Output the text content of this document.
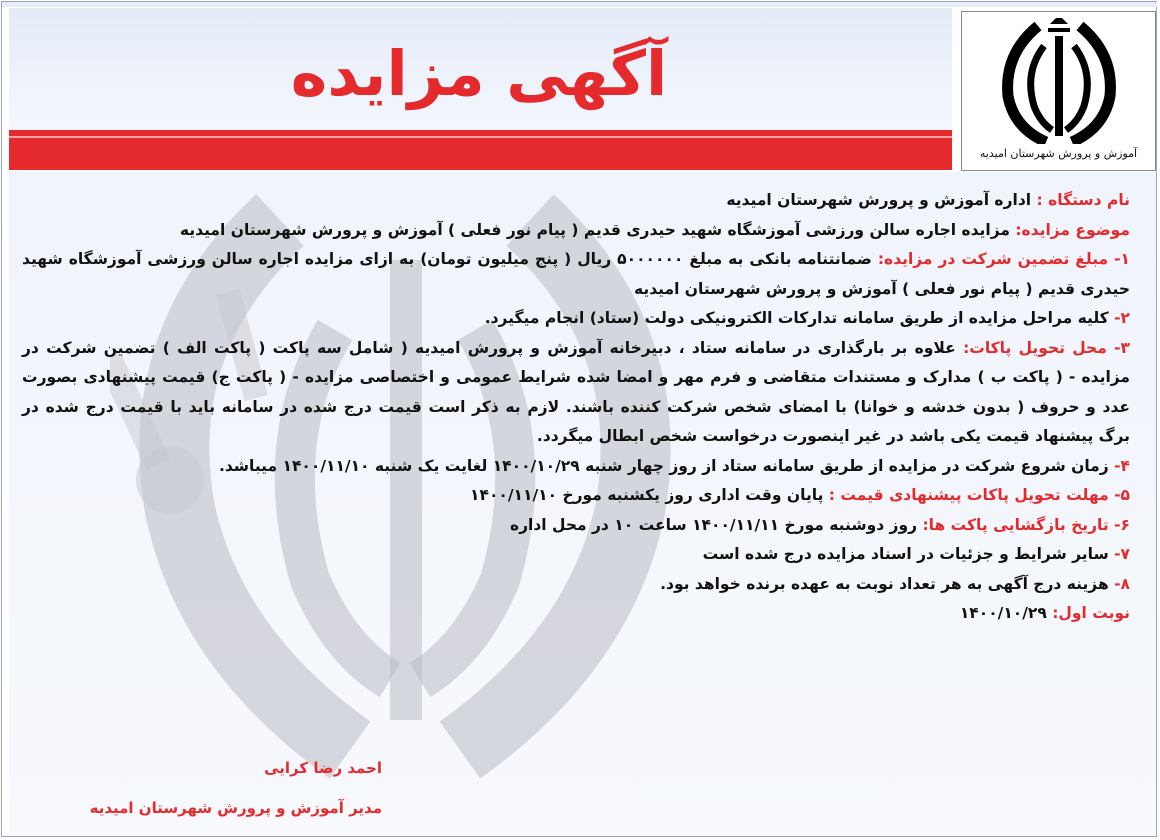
آگهی مزایده
آموزش و پرورش شهرستان امیدیه

نام دستگاه : اداره آموزش و پرورش شهرستان امیدیه

موضوع مزایده: مزایده اجاره سالن ورزشی آموزشگاه شهید حیدری قدیم ( پیام نور فعلی ) آموزش و پرورش شهرستان امیدیه

۱- مبلغ تضمین شرکت در مزایده: ضمانتنامه بانکی به مبلغ ۵۰۰۰۰۰۰ ریال ( پنج میلیون تومان) به ازای مزایده اجاره سالن ورزشی آموزشگاه شهید حیدری قدیم ( پیام نور فعلی ) آموزش و پرورش شهرستان امیدیه

۲- کلیه مراحل مزایده از طریق سامانه تدارکات الکترونیکی دولت (ستاد) انجام میگیرد.

۳- محل تحویل پاکات: علاوه بر بارگذاری در سامانه ستاد ، دبیرخانه آموزش و پرورش امیدیه ( شامل سه پاکت ( پاکت الف ) تضمین شرکت در مزایده - ( پاکت ب ) مدارک و مستندات متقاضی و فرم مهر و امضا شده شرایط عمومی و اختصاصی مزایده - ( پاکت ج) قیمت پیشنهادی بصورت عدد و حروف ( بدون خدشه و خوانا) با امضای شخص شرکت کننده باشند. لازم به ذکر است قیمت درج شده در سامانه باید با قیمت درج شده در برگ پیشنهاد قیمت یکی باشد در غیر اینصورت درخواست شخص ابطال میگردد.

۴- زمان شروع شرکت در مزایده از طریق سامانه ستاد از روز چهار شنبه ۱۴۰۰/۱۰/۲۹ لغایت یک شنبه ۱۴۰۰/۱۱/۱۰ میباشد.

۵- مهلت تحویل پاکات پیشنهادی قیمت : پایان وقت اداری روز یکشنبه مورخ ۱۴۰۰/۱۱/۱۰

۶- تاریخ بازگشایی پاکت ها: روز دوشنبه مورخ ۱۴۰۰/۱۱/۱۱ ساعت ۱۰ در محل اداره

۷- سایر شرایط و جزئیات در اسناد مزایده درج شده است

۸- هزینه درج آگهی به هر تعداد نوبت به عهده برنده خواهد بود.

نوبت اول: ۱۴۰۰/۱۰/۲۹

احمد رضا کرایی
مدیر آموزش و پرورش شهرستان امیدیه
